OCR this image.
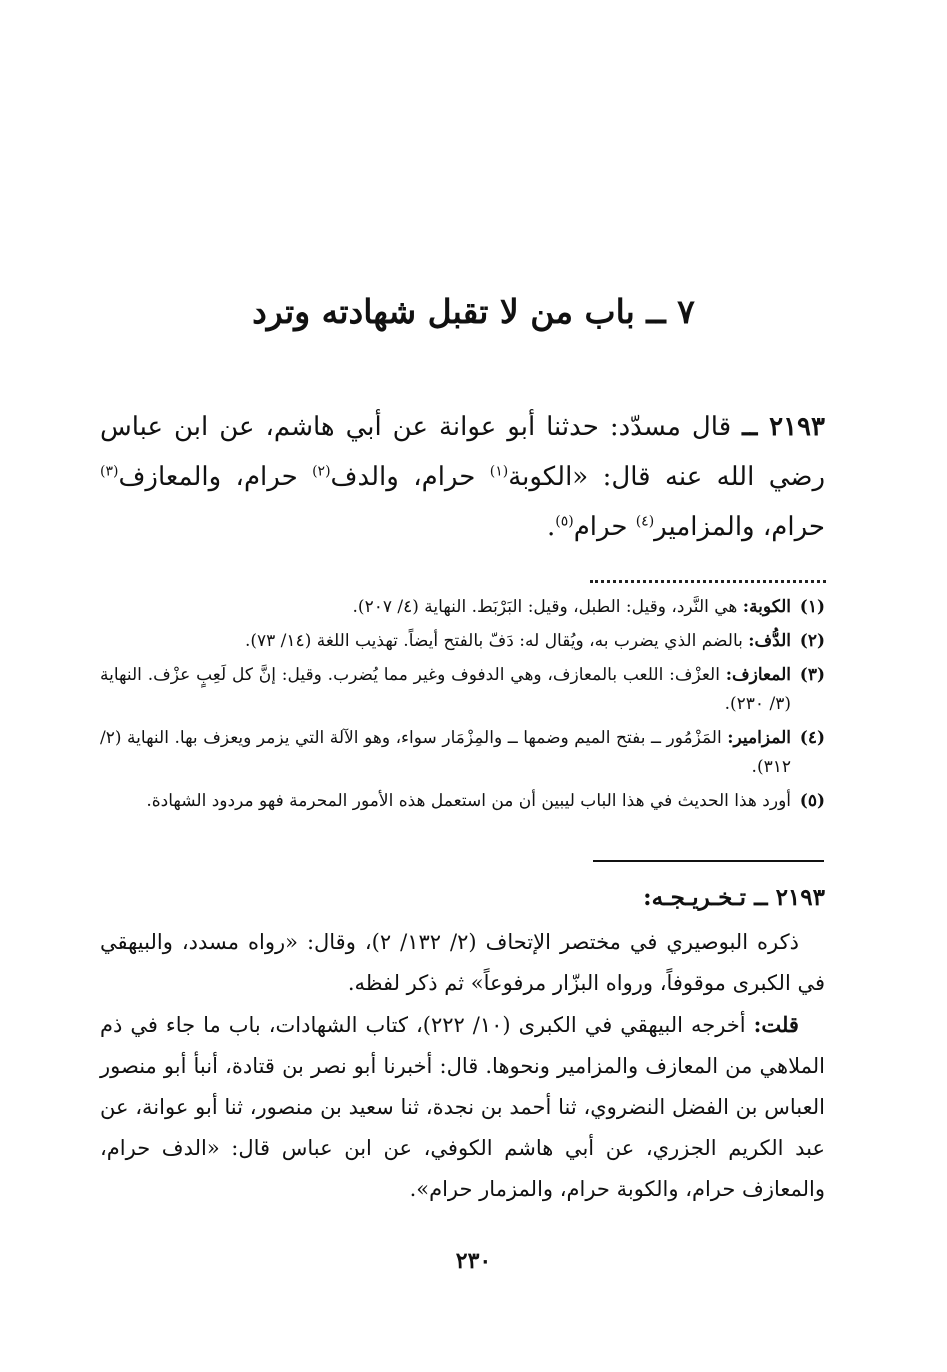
٧ ــ باب من لا تقبل شهادته وترد
٢١٩٣ ــ قال مسدّد: حدثنا أبو عوانة عن أبي هاشم، عن ابن عباس رضي الله عنه قال: «الكوبة$^{(١)}$ حرام، والدف$^{(٢)}$ حرام، والمعازف$^{(٣)}$ حرام، والمزامير$^{(٤)}$ حرام$^{(٥)}$.
(١)
الكوبة: هي النَّرد، وقيل: الطبل، وقيل: البَرْبَط. النهاية (٤/ ٢٠٧).
(٢)
الدُّف: بالضم الذي يضرب به، ويُقال له: دَفّ بالفتح أيضاً. تهذيب اللغة (١٤/ ٧٣).
(٣)
المعازف: العزْف: اللعب بالمعازف، وهي الدفوف وغير مما يُضرب. وقيل: إنَّ كل لَعِبٍ عزْف. النهاية (٣/ ٢٣٠).
(٤)
المزامير: المَزْمُور ــ بفتح الميم وضمها ــ والمِزْمَار سواء، وهو الآلة التي يزمر ويعزف بها. النهاية (٢/ ٣١٢).
(٥)
أورد هذا الحديث في هذا الباب ليبين أن من استعمل هذه الأمور المحرمة فهو مردود الشهادة.
٢١٩٣ ــ تـخـريـجـه:

ذكره البوصيري في مختصر الإتحاف (٢/ ١٣٢/ ٢)، وقال: «رواه مسدد، والبيهقي في الكبرى موقوفاً، ورواه البزّار مرفوعاً» ثم ذكر لفظه.

قلت: أخرجه البيهقي في الكبرى (١٠/ ٢٢٢)، كتاب الشهادات، باب ما جاء في ذم الملاهي من المعازف والمزامير ونحوها. قال: أخبرنا أبو نصر بن قتادة، أنبأ أبو منصور العباس بن الفضل النضروي، ثنا أحمد بن نجدة، ثنا سعيد بن منصور، ثنا أبو عوانة، عن عبد الكريم الجزري، عن أبي هاشم الكوفي، عن ابن عباس قال: «الدف حرام، والمعازف حرام، والكوبة حرام، والمزمار حرام».

٢٣٠
